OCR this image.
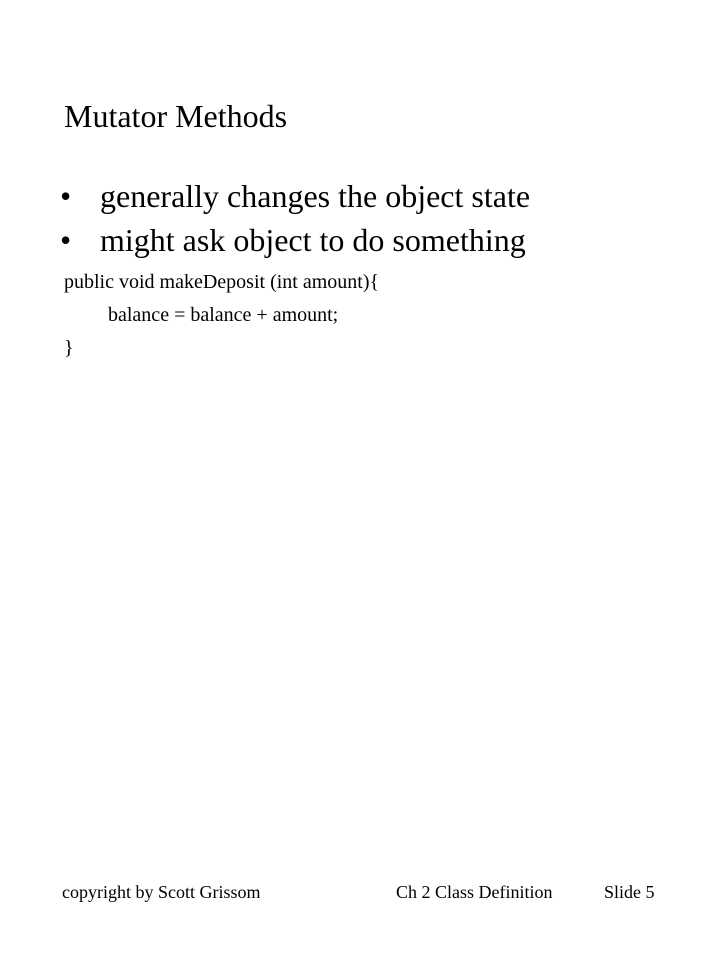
Mutator Methods
• generally changes the object state
• might ask object to do something
public void makeDeposit (int amount){
balance = balance + amount;
}
copyright by Scott Grissom	Ch 2 Class Definition	Slide 5
